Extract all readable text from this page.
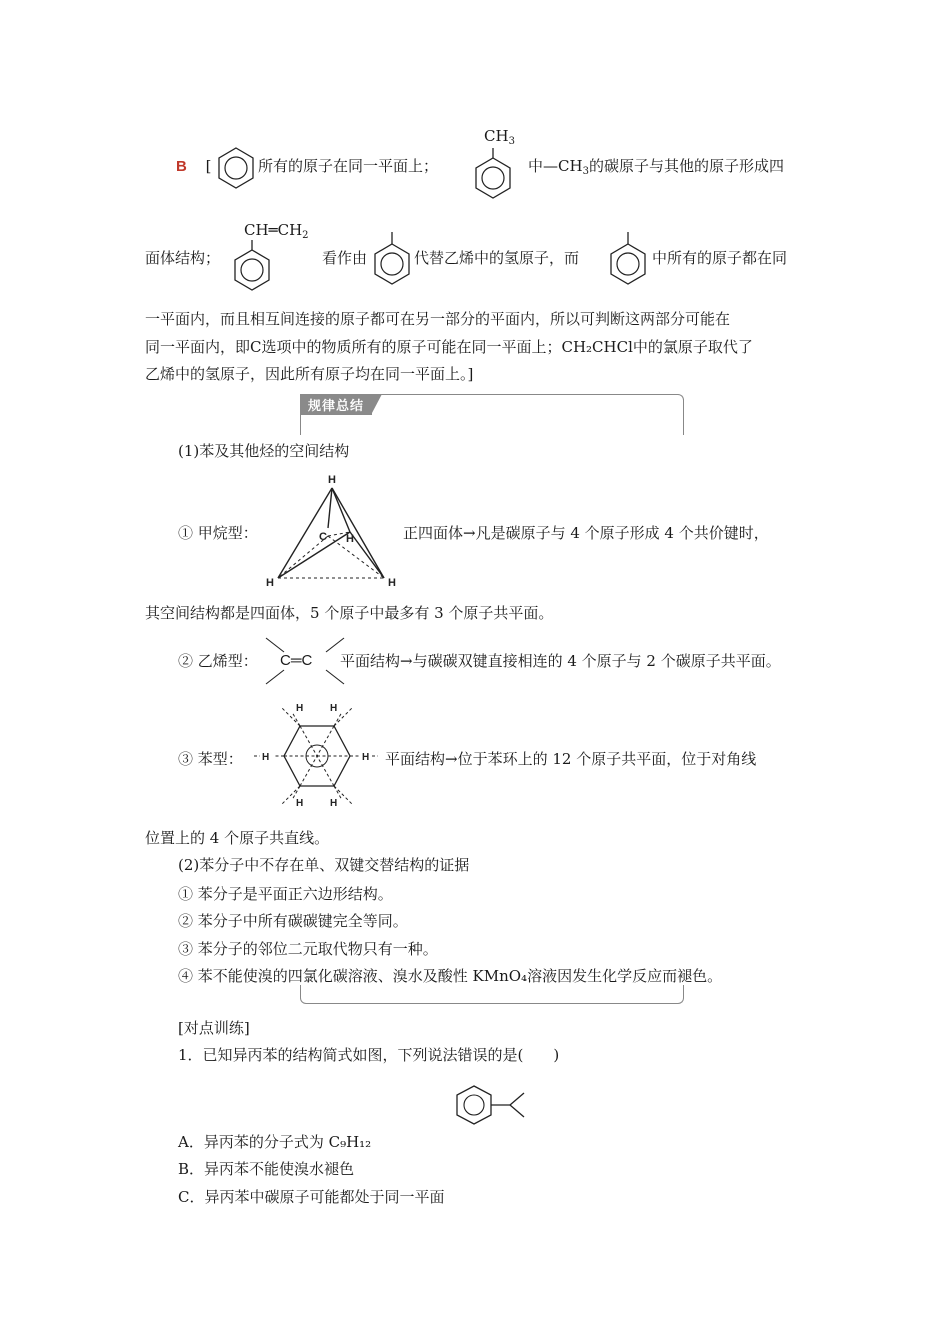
B [	所有的原子在同一平面上；
$CH_3$
中$—CH_3$的碳原子与其他的原子形成四
面体结构；
$CH═CH_2$
看作由	代替乙烯中的氢原子，而	中所有的原子都在同
一平面内，而且相互间连接的原子都可在另一部分的平面内，所以可判断这两部分可能在
同一平面内，即C选项中的物质所有的原子可能在同一平面上；CH₂CHCl中的氯原子取代了
乙烯中的氢原子，因此所有原子均在同一平面上。]
规律总结
(1)苯及其他烃的空间结构
① 甲烷型：
H
C H
H	H
正四面体→凡是碳原子与 4 个原子形成 4 个共价键时，
其空间结构都是四面体，5 个原子中最多有 3 个原子共平面。
② 乙烯型： C═C 平面结构→与碳碳双键直接相连的 4 个原子与 2 个碳原子共平面。
③ 苯型：
H	H
H	H
H	H
平面结构→位于苯环上的 12 个原子共平面，位于对角线
位置上的 4 个原子共直线。
(2)苯分子中不存在单、双键交替结构的证据
① 苯分子是平面正六边形结构。
② 苯分子中所有碳碳键完全等同。
③ 苯分子的邻位二元取代物只有一种。
④ 苯不能使溴的四氯化碳溶液、溴水及酸性 KMnO₄溶液因发生化学反应而褪色。
[对点训练]
1．已知异丙苯的结构简式如图，下列说法错误的是(　　)
A．异丙苯的分子式为 C₉H₁₂
B．异丙苯不能使溴水褪色
C．异丙苯中碳原子可能都处于同一平面
